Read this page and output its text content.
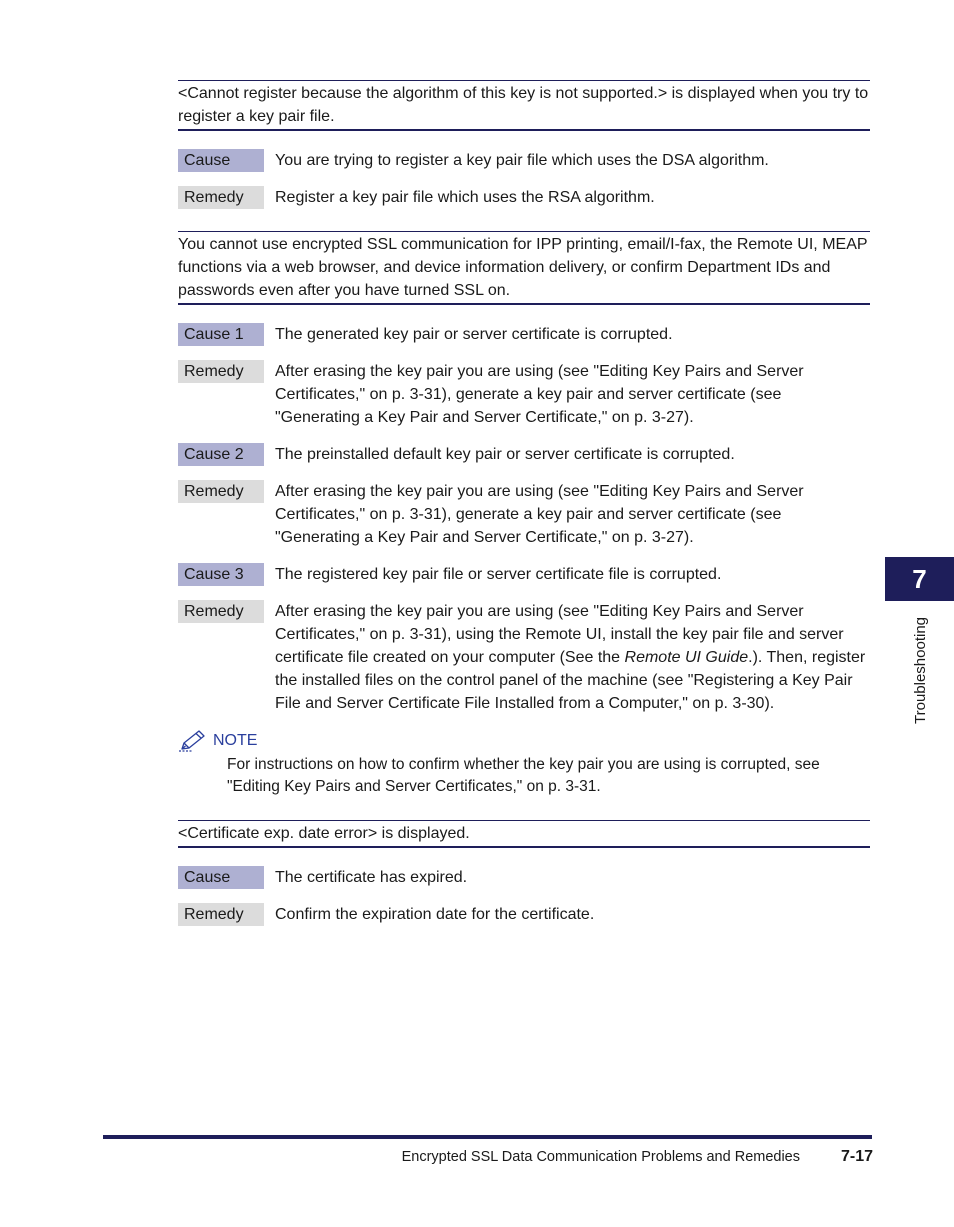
<Cannot register because the algorithm of this key is not supported.> is displayed when you try to register a key pair file.
Cause	You are trying to register a key pair file which uses the DSA algorithm.
Remedy	Register a key pair file which uses the RSA algorithm.
You cannot use encrypted SSL communication for IPP printing, email/I-fax, the Remote UI, MEAP functions via a web browser, and device information delivery, or confirm Department IDs and passwords even after you have turned SSL on.
Cause 1	The generated key pair or server certificate is corrupted.
Remedy	After erasing the key pair you are using (see "Editing Key Pairs and Server Certificates," on p. 3-31), generate a key pair and server certificate (see "Generating a Key Pair and Server Certificate," on p. 3-27).
Cause 2	The preinstalled default key pair or server certificate is corrupted.
Remedy	After erasing the key pair you are using (see "Editing Key Pairs and Server Certificates," on p. 3-31), generate a key pair and server certificate (see "Generating a Key Pair and Server Certificate," on p. 3-27).
Cause 3	The registered key pair file or server certificate file is corrupted.
Remedy	After erasing the key pair you are using (see "Editing Key Pairs and Server Certificates," on p. 3-31), using the Remote UI, install the key pair file and server certificate file created on your computer (See the Remote UI Guide.). Then, register the installed files on the control panel of the machine (see "Registering a Key Pair File and Server Certificate File Installed from a Computer," on p. 3-30).
NOTE
For instructions on how to confirm whether the key pair you are using is corrupted, see "Editing Key Pairs and Server Certificates," on p. 3-31.
<Certificate exp. date error> is displayed.
Cause	The certificate has expired.
Remedy	Confirm the expiration date for the certificate.
7
Troubleshooting
Encrypted SSL Data Communication Problems and Remedies	7-17
